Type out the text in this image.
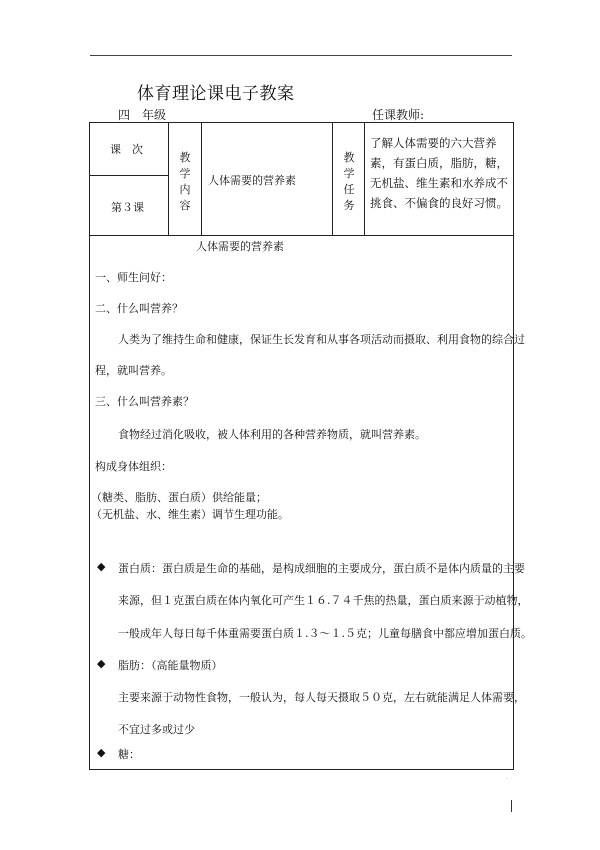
体育理论课电子教案
四　年级	任课教师:
课　次
第３课
教
学
内
容
人体需要的营养素
教
学
任
务
了解人体需要的六大营养素，有蛋白质，脂肪，糖，无机盐、维生素和水养成不挑食、不偏食的良好习惯。
人体需要的营养素
一、师生问好：
二、什么叫营养？
人类为了维持生命和健康，保证生长发育和从事各项活动而摄取、利用食物的综合过
程，就叫营养。
三、什么叫营养素？
食物经过消化吸收，被人体利用的各种营养物质，就叫营养素。
构成身体组织：
（糖类、脂肪、蛋白质）供给能量；
（无机盐、水、维生素）调节生理功能。
◆ 蛋白质：蛋白质是生命的基础，是构成细胞的主要成分，蛋白质不是体内质量的主要
来源，但１克蛋白质在体内氧化可产生１６.７４千焦的热量，蛋白质来源于动植物，
一般成年人每日每千体重需要蛋白质１.３～１.５克；儿童每膳食中都应增加蛋白质。
◆ 脂肪：（高能量物质）
主要来源于动物性食物，一般认为，每人每天摄取５０克，左右就能满足人体需要，
不宜过多或过少
◆ 糖：
·
